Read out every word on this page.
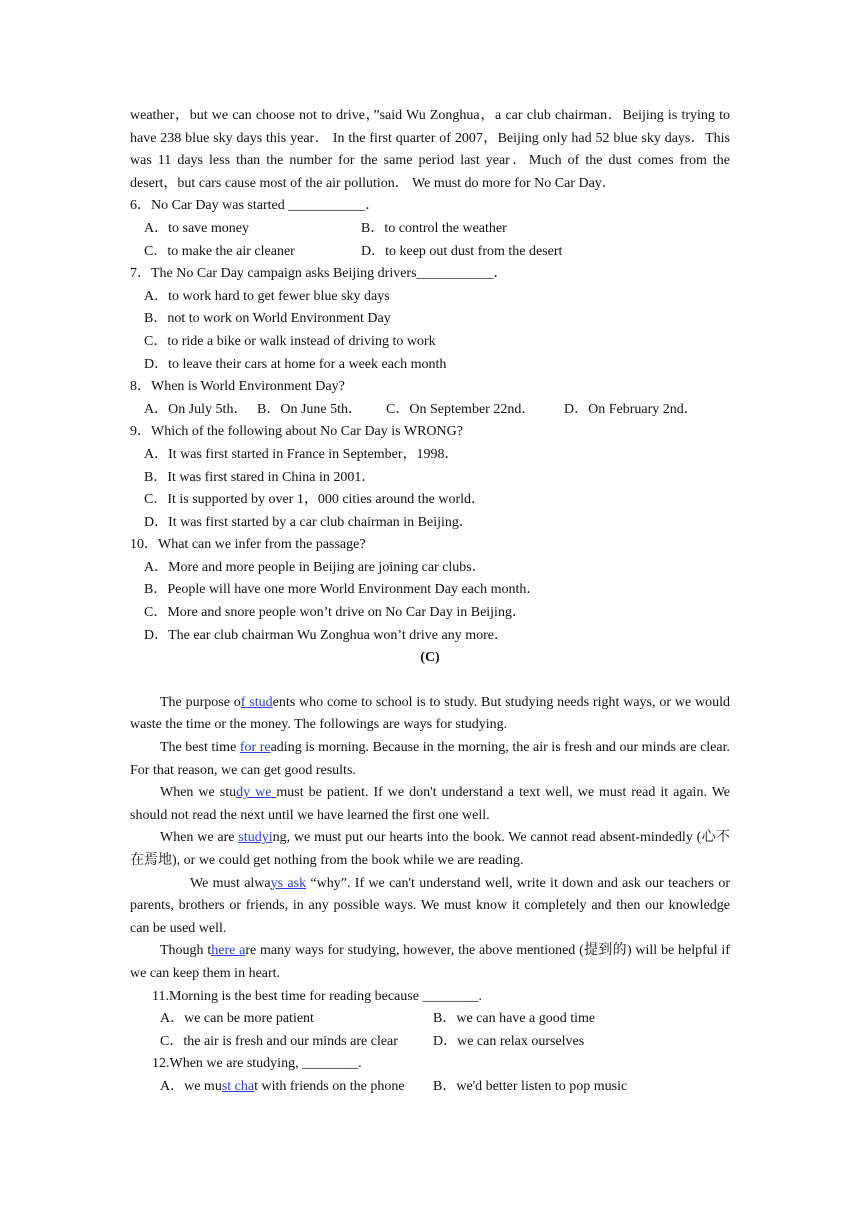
weather，but we can choose not to drive，”said Wu Zonghua，a car club chairman．Beijing is trying to have 238 blue sky days this year． In the first quarter of 2007，Beijing only had 52 blue sky days．This was 11 days less than the number for the same period last year．Much of the dust comes from the desert，but cars cause most of the air pollution． We must do more for No Car Day．
6．No Car Day was started ___________．
A．to save money	B．to control the weather
C．to make the air cleaner	D．to keep out dust from the desert
7．The No Car Day campaign asks Beijing drivers___________．
A．to work hard to get fewer blue sky days
B．not to work on World Environment Day
C．to ride a bike or walk instead of driving to work
D．to leave their cars at home for a week each month
8．When is World Environment Day?
A．On July 5th． B．On June 5th．	C．On September 22nd．	D．On February 2nd．
9．Which of the following about No Car Day is WRONG?
A．It was first started in France in September，1998．
B．It was first stared in China in 2001．
C．It is supported by over 1，000 cities around the world．
D．It was first started by a car club chairman in Beijing．
10．What can we infer from the passage?
A．More and more people in Beijing are joining car clubs．
B．People will have one more World Environment Day each month．
C．More and snore people won’t drive on No Car Day in Beijing．
D．The ear club chairman Wu Zonghua won’t drive any more．
(C)
The purpose of students who come to school is to study. But studying needs right ways, or we would waste the time or the money. The followings are ways for studying.
The best time for reading is morning. Because in the morning, the air is fresh and our minds are clear. For that reason, we can get good results.
When we study we must be patient. If we don't understand a text well, we must read it again. We should not read the next until we have learned the first one well.
When we are studying, we must put our hearts into the book. We cannot read absent-mindedly (心不在焉地), or we could get nothing from the book while we are reading.
We must always ask “why”. If we can't understand well, write it down and ask our teachers or parents, brothers or friends, in any possible ways. We must know it completely and then our knowledge can be used well.
Though there are many ways for studying, however, the above mentioned (提到的) will be helpful if we can keep them in heart.
11.Morning is the best time for reading because ________.
A．we can be more patient	B．we can have a good time
C．the air is fresh and our minds are clear	D．we can relax ourselves
12.When we are studying, ________.
A．we must chat with friends on the phone	B．we'd better listen to pop music
